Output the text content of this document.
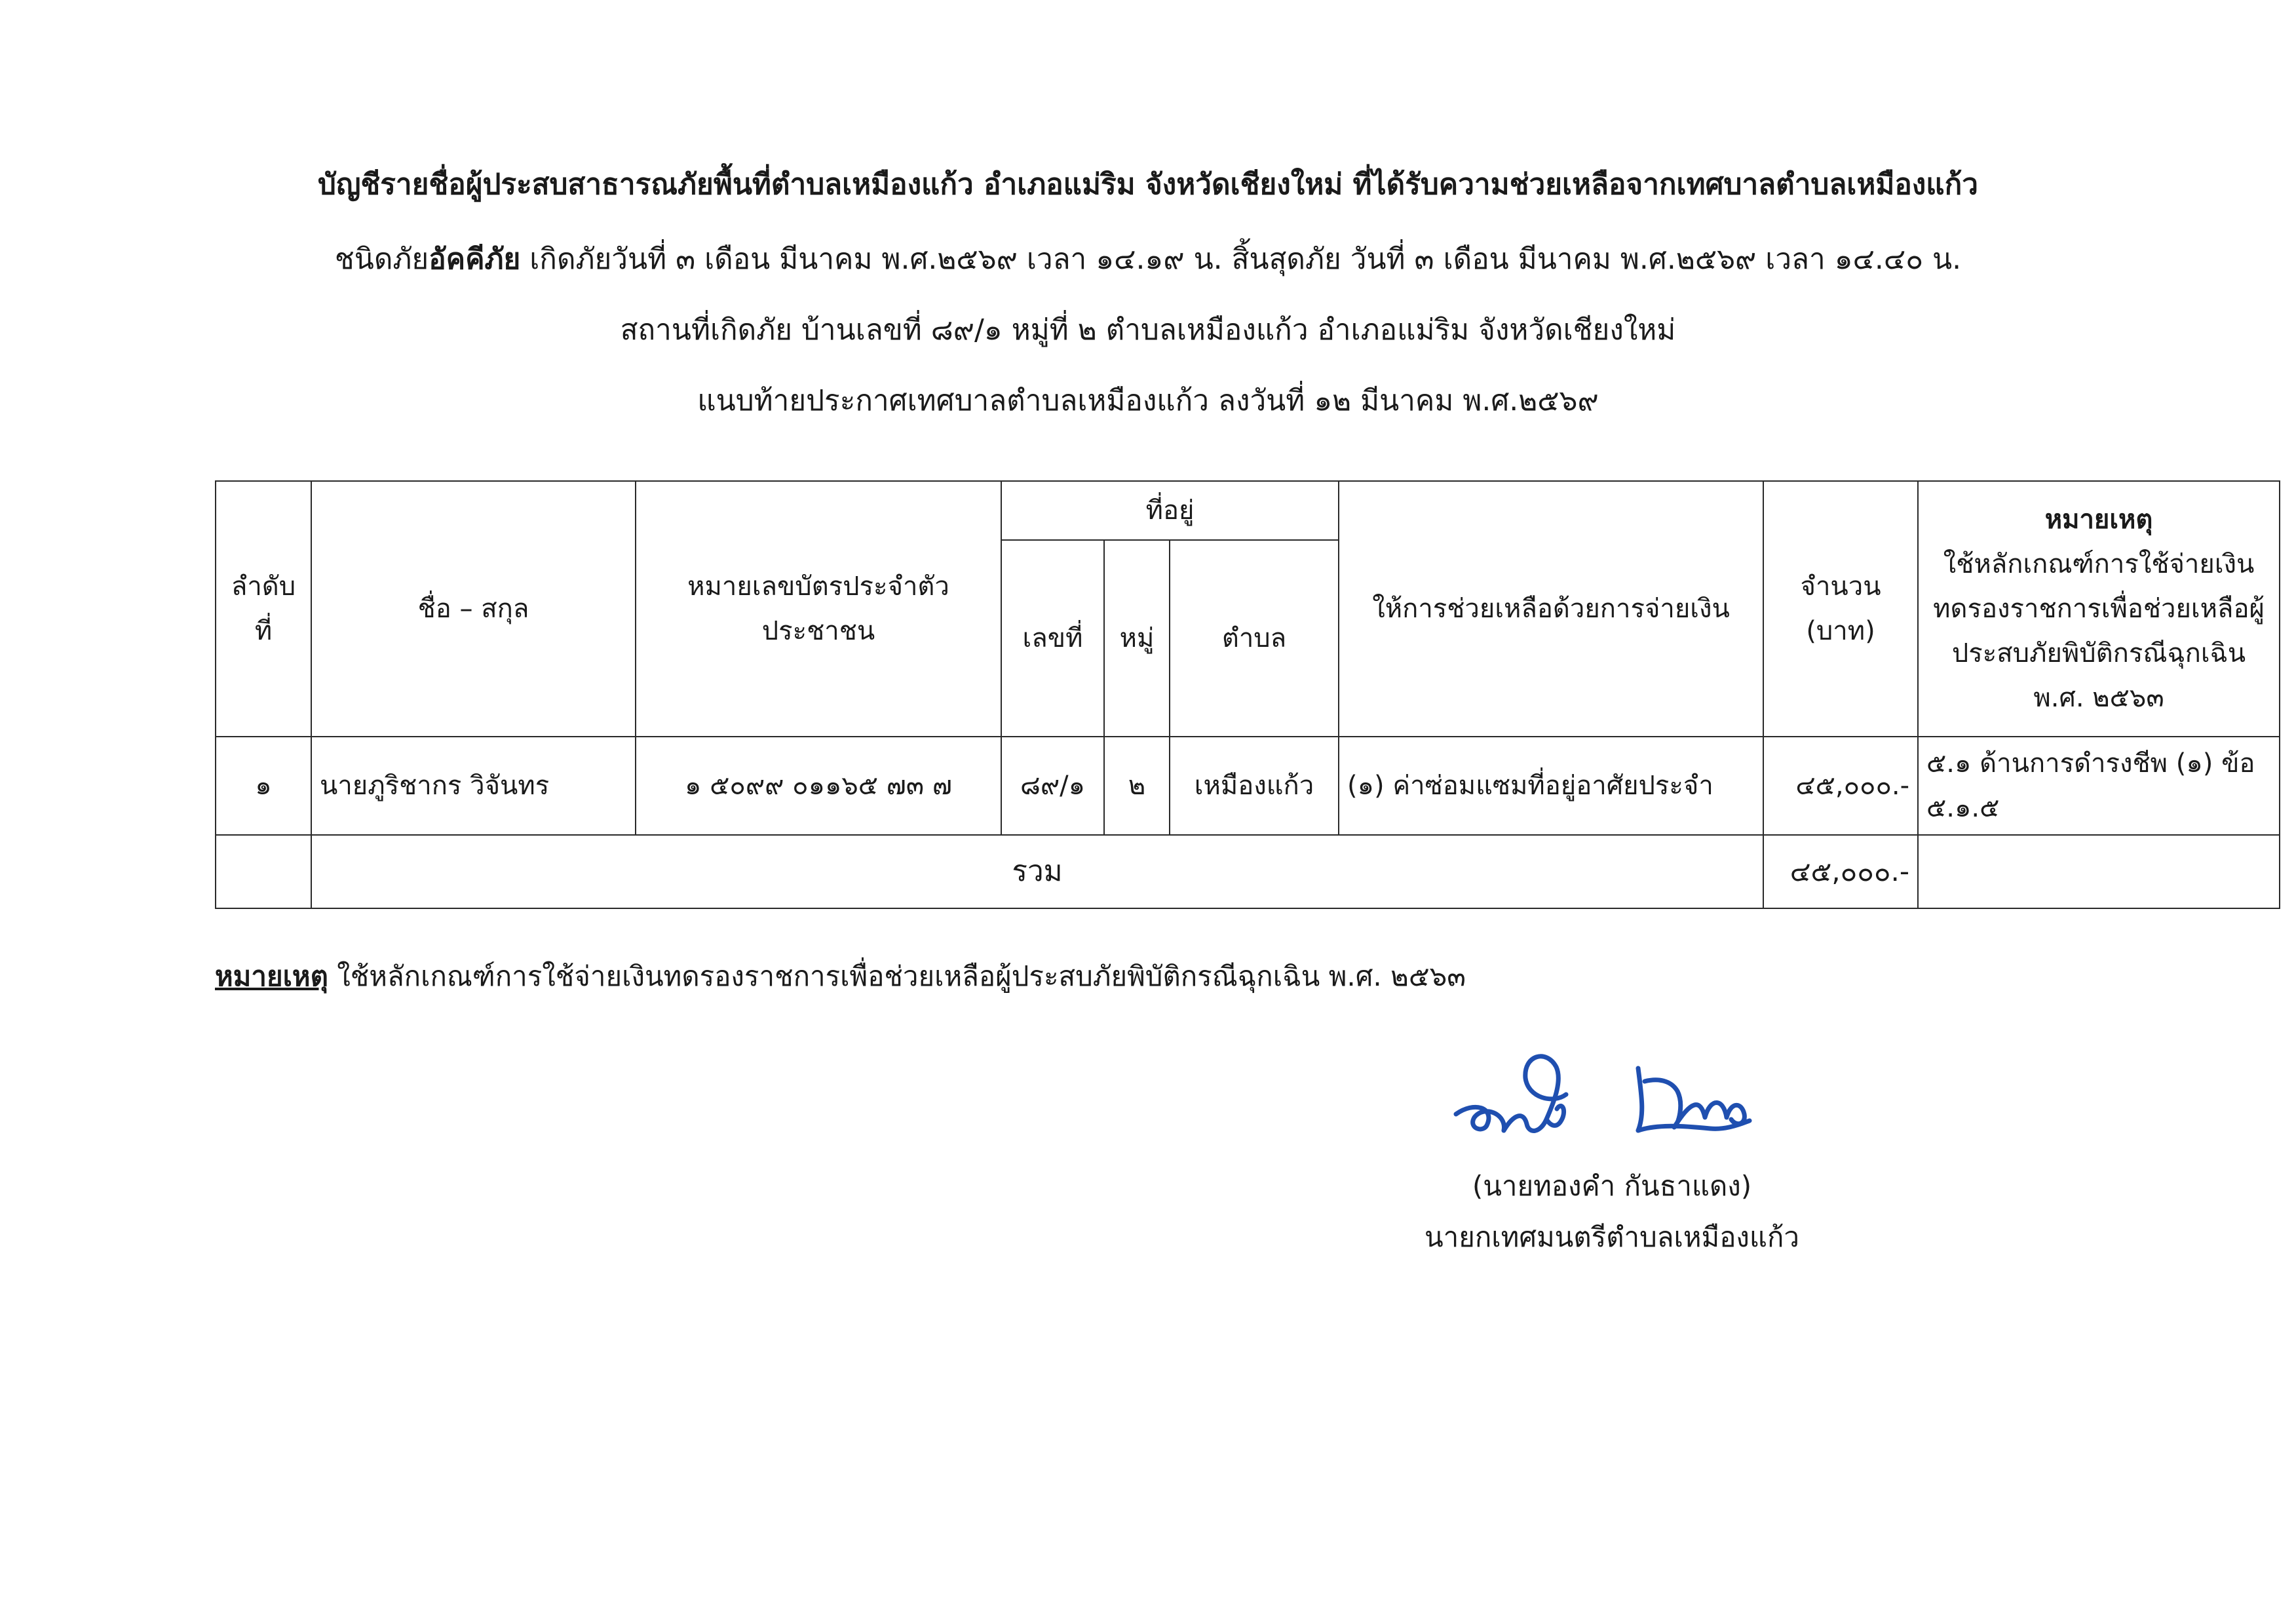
บัญชีรายชื่อผู้ประสบสาธารณภัยพื้นที่ตำบลเหมืองแก้ว อำเภอแม่ริม จังหวัดเชียงใหม่ ที่ได้รับความช่วยเหลือจากเทศบาลตำบลเหมืองแก้ว
ชนิดภัยอัคคีภัย เกิดภัยวันที่ ๓ เดือน มีนาคม พ.ศ.๒๕๖๙ เวลา ๑๔.๑๙ น. สิ้นสุดภัย วันที่ ๓ เดือน มีนาคม พ.ศ.๒๕๖๙ เวลา ๑๔.๔๐ น.
สถานที่เกิดภัย บ้านเลขที่ ๘๙/๑ หมู่ที่ ๒ ตำบลเหมืองแก้ว อำเภอแม่ริม จังหวัดเชียงใหม่
แนบท้ายประกาศเทศบาลตำบลเหมืองแก้ว ลงวันที่ ๑๒ มีนาคม พ.ศ.๒๕๖๙
ลำดับที่	ชื่อ – สกุล	หมายเลขบัตรประจำตัวประชาชน	ที่อยู่			ให้การช่วยเหลือด้วยการจ่ายเงิน	จำนวน (บาท)	หมายเหตุ
ใช้หลักเกณฑ์การใช้จ่ายเงินทดรองราชการเพื่อช่วยเหลือผู้ประสบภัยพิบัติกรณีฉุกเฉิน พ.ศ. ๒๕๖๓
			เลขที่	หมู่	ตำบล			
๑	นายภูริชากร วิจันทร	๑ ๕๐๙๙ ๐๑๑๖๕ ๗๓ ๗	๘๙/๑	๒	เหมืองแก้ว	(๑) ค่าซ่อมแซมที่อยู่อาศัยประจำ	๔๕,๐๐๐.-	๕.๑ ด้านการดำรงชีพ (๑) ข้อ ๕.๑.๕
	รวม						๔๕,๐๐๐.-	
หมายเหตุ ใช้หลักเกณฑ์การใช้จ่ายเงินทดรองราชการเพื่อช่วยเหลือผู้ประสบภัยพิบัติกรณีฉุกเฉิน พ.ศ. ๒๕๖๓
(นายทองคำ กันธาแดง)
นายกเทศมนตรีตำบลเหมืองแก้ว
